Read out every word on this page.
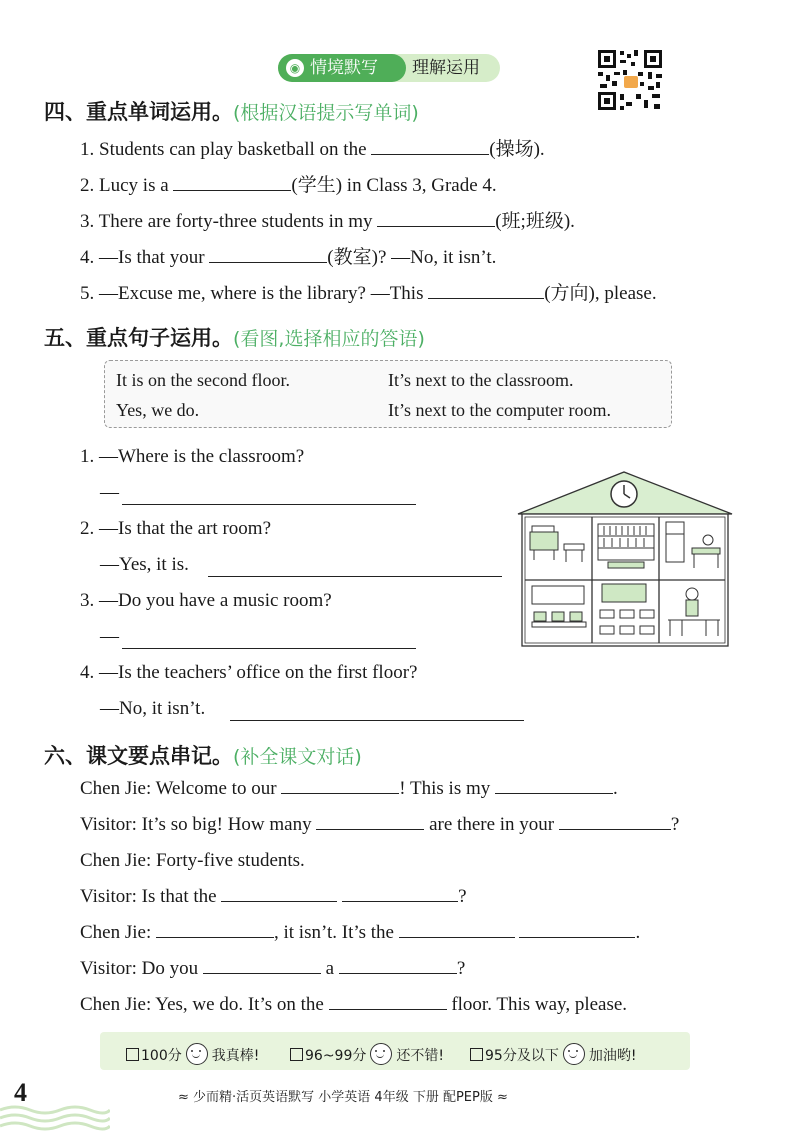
◉ 情境默写	理解运用
四、重点单词运用。(根据汉语提示写单词)
1. Students can play basketball on the	(操场).
2. Lucy is a	(学生) in Class 3, Grade 4.
3. There are forty-three students in my	(班;班级).
4. —Is that your	(教室)? —No, it isn’t.
5. —Excuse me, where is the library? —This	(方向), please.
五、重点句子运用。(看图,选择相应的答语)
It is on the second floor.	It’s next to the classroom.
Yes, we do.	It’s next to the computer room.
1. —Where is the classroom?
—
2. —Is that the art room?
—Yes, it is.
3. —Do you have a music room?
—
4. —Is the teachers’ office on the first floor?
—No, it isn’t.
六、课文要点串记。(补全课文对话)
Chen Jie: Welcome to our	! This is my	.
Visitor: It’s so big! How many	are there in your	?
Chen Jie: Forty-five students.
Visitor: Is that the	?
Chen Jie:	, it isn’t. It’s the	.
Visitor: Do you	a	?
Chen Jie: Yes, we do. It’s on the	floor. This way, please.
100分 我真棒!	96~99分 还不错!	95分及以下 加油哟!
4	≈ 少而精·活页英语默写 小学英语 4年级 下册 配PEP版 ≈
